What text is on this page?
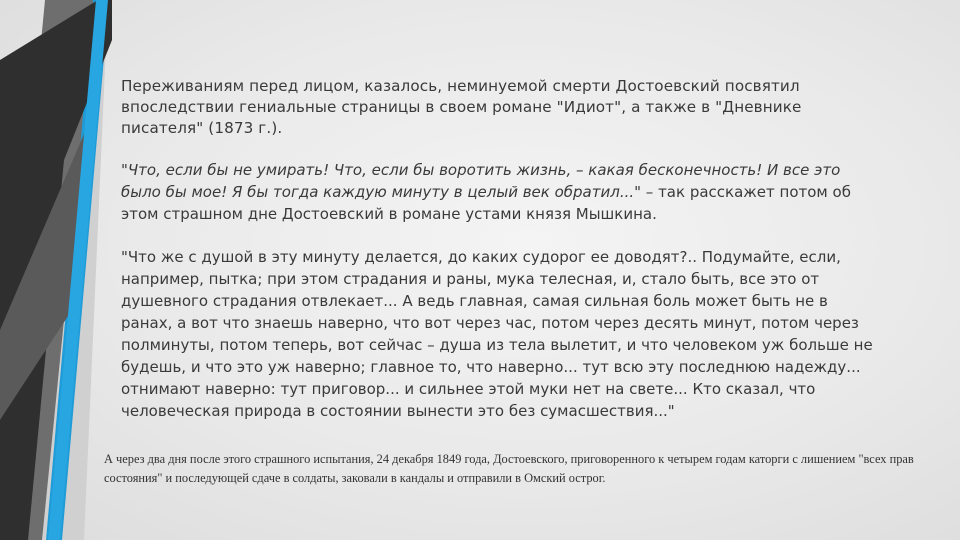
Переживаниям перед лицом, казалось, неминуемой смерти Достоевский посвятил впоследствии гениальные страницы в своем романе "Идиот", а также в "Дневнике писателя" (1873 г.).
"Что, если бы не умирать! Что, если бы воротить жизнь, – какая бесконечность! И все это было бы мое! Я бы тогда каждую минуту в целый век обратил..." – так расскажет потом об этом страшном дне Достоевский в романе устами князя Мышкина.
"Что же с душой в эту минуту делается, до каких судорог ее доводят?.. Подумайте, если, например, пытка; при этом страдания и раны, мука телесная, и, стало быть, все это от душевного страдания отвлекает... А ведь главная, самая сильная боль может быть не в ранах, а вот что знаешь наверно, что вот через час, потом через десять минут, потом через полминуты, потом теперь, вот сейчас – душа из тела вылетит, и что человеком уж больше не будешь, и что это уж наверно; главное то, что наверно... тут всю эту последнюю надежду... отнимают наверно: тут приговор... и сильнее этой муки нет на свете... Кто сказал, что человеческая природа в состоянии вынести это без сумасшествия..."
А через два дня после этого страшного испытания, 24 декабря 1849 года, Достоевского, приговоренного к четырем годам каторги с лишением "всех прав состояния" и последующей сдаче в солдаты, заковали в кандалы и отправили в Омский острог.
